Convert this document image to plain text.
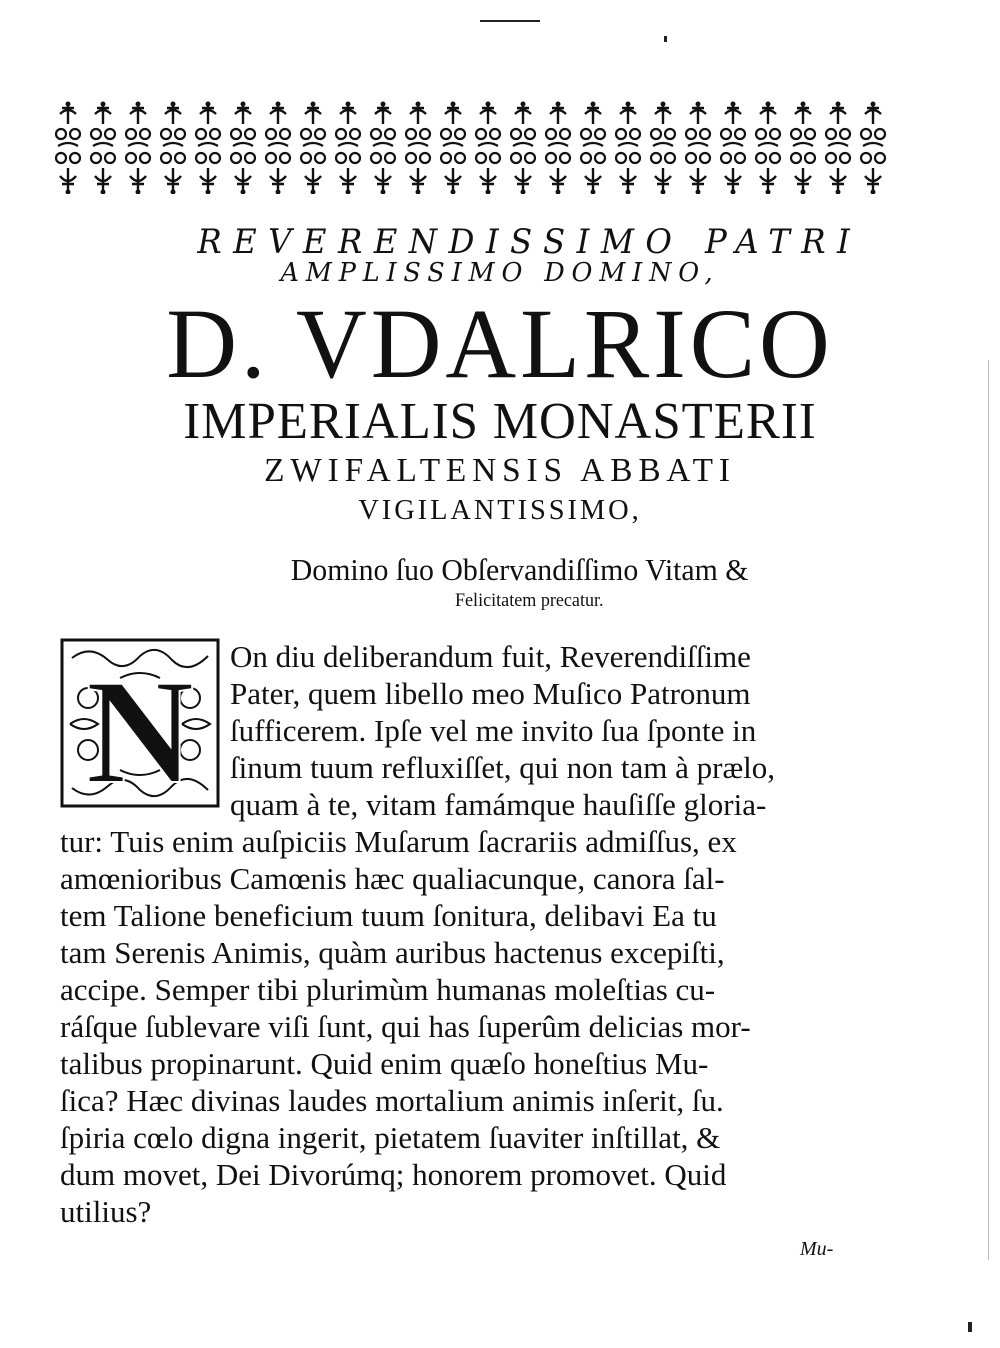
REVERENDISSIMO PATRI
AMPLISSIMO DOMINO,
D. VDALRICO
IMPERIALIS MONASTERII
ZWIFALTENSIS ABBATI
VIGILANTISSIMO,
Domino ſuo Obſervandiſſimo Vitam &
Felicitatem precatur.
N On diu deliberandum fuit, Reverendiſſime
Pater, quem libello meo Muſico Patronum
ſufficerem. Ipſe vel me invito ſua ſponte in
ſinum tuum refluxiſſet, qui non tam à prælo,
quam à te, vitam famámque hauſiſſe gloria-
tur: Tuis enim auſpiciis Muſarum ſacrariis admiſſus, ex
amœnioribus Camœnis hæc qualiacunque, canora ſal-
tem Talione beneficium tuum ſonitura, delibavi Ea tu
tam Serenis Animis, quàm auribus hactenus excepiſti,
accipe. Semper tibi plurimùm humanas moleſtias cu-
ráſque ſublevare viſi ſunt, qui has ſuperûm delicias mor-
talibus propinarunt. Quid enim quæſo honeſtius Mu-
ſica? Hæc divinas laudes mortalium animis inſerit, ſu.
ſpiria cœlo digna ingerit, pietatem ſuaviter inſtillat, &
dum movet, Dei Divorúmq; honorem promovet. Quid
utilius?
Mu-
